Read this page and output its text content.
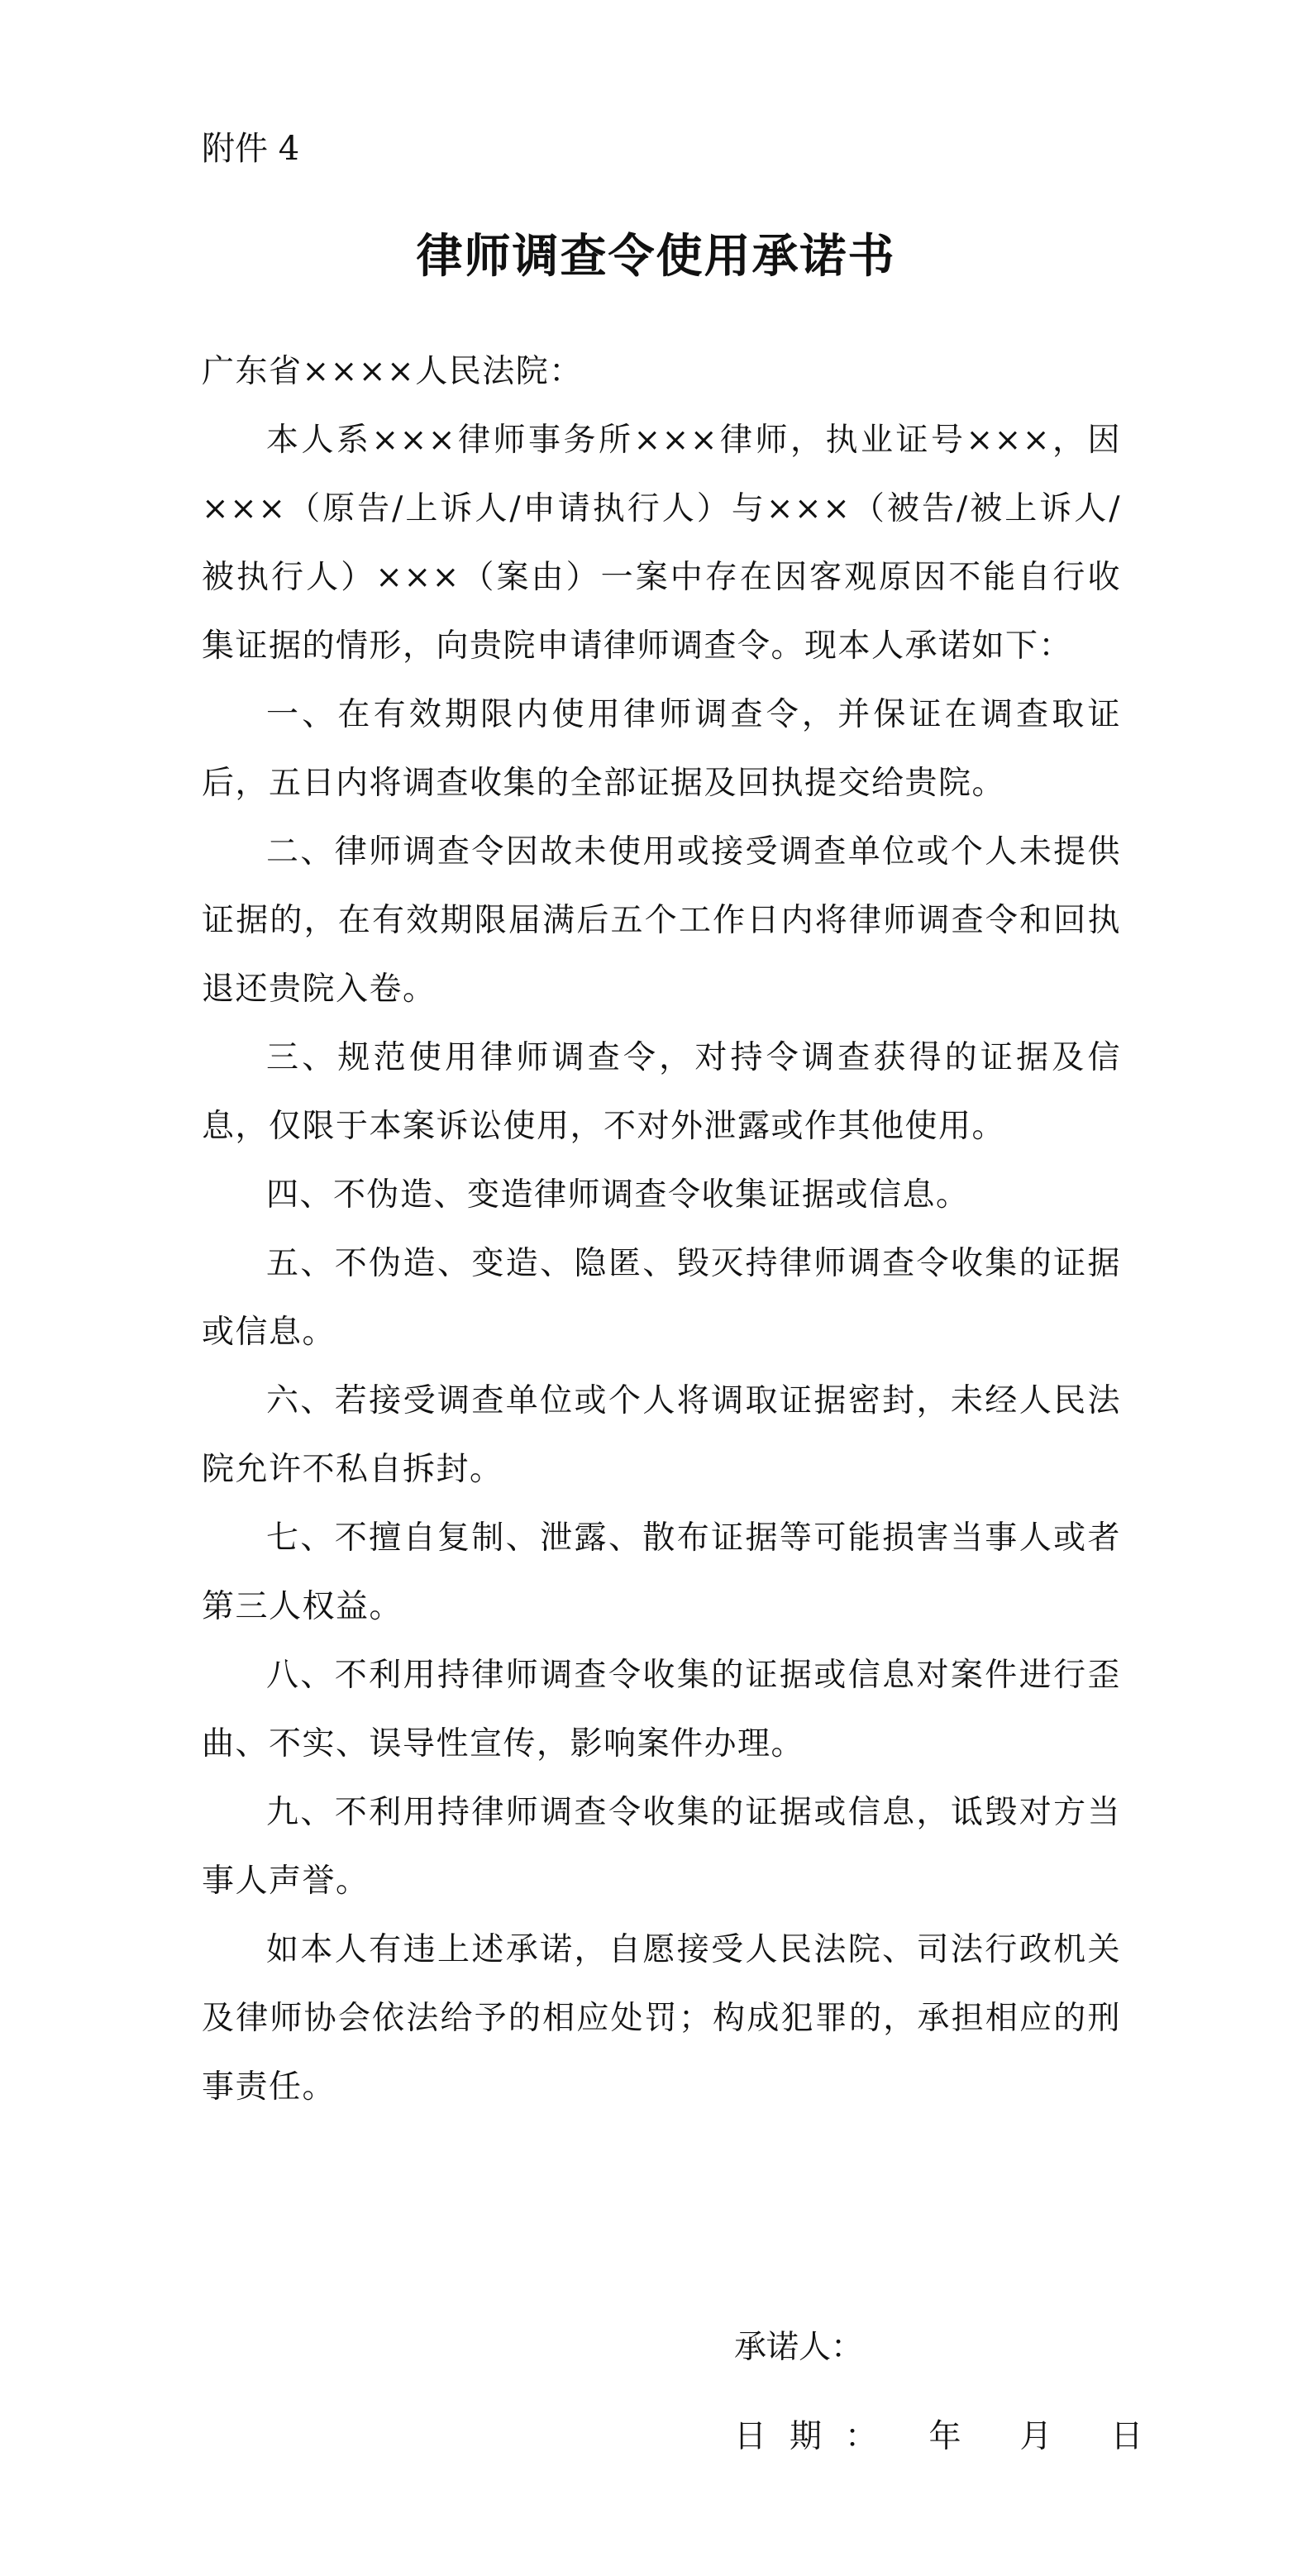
附件 4
律师调查令使用承诺书

广东省××××人民法院：

本人系×××律师事务所×××律师，执业证号×××，因×××（原告/上诉人/申请执行人）与×××（被告/被上诉人/被执行人）×××（案由）一案中存在因客观原因不能自行收集证据的情形，向贵院申请律师调查令。现本人承诺如下：

一、在有效期限内使用律师调查令，并保证在调查取证后，五日内将调查收集的全部证据及回执提交给贵院。

二、律师调查令因故未使用或接受调查单位或个人未提供证据的，在有效期限届满后五个工作日内将律师调查令和回执退还贵院入卷。

三、规范使用律师调查令，对持令调查获得的证据及信息，仅限于本案诉讼使用，不对外泄露或作其他使用。

四、不伪造、变造律师调查令收集证据或信息。

五、不伪造、变造、隐匿、毁灭持律师调查令收集的证据或信息。

六、若接受调查单位或个人将调取证据密封，未经人民法院允许不私自拆封。

七、不擅自复制、泄露、散布证据等可能损害当事人或者第三人权益。

八、不利用持律师调查令收集的证据或信息对案件进行歪曲、不实、误导性宣传，影响案件办理。

九、不利用持律师调查令收集的证据或信息，诋毁对方当事人声誉。

如本人有违上述承诺，自愿接受人民法院、司法行政机关及律师协会依法给予的相应处罚；构成犯罪的，承担相应的刑事责任。

承诺人：
日期： 年 月 日
